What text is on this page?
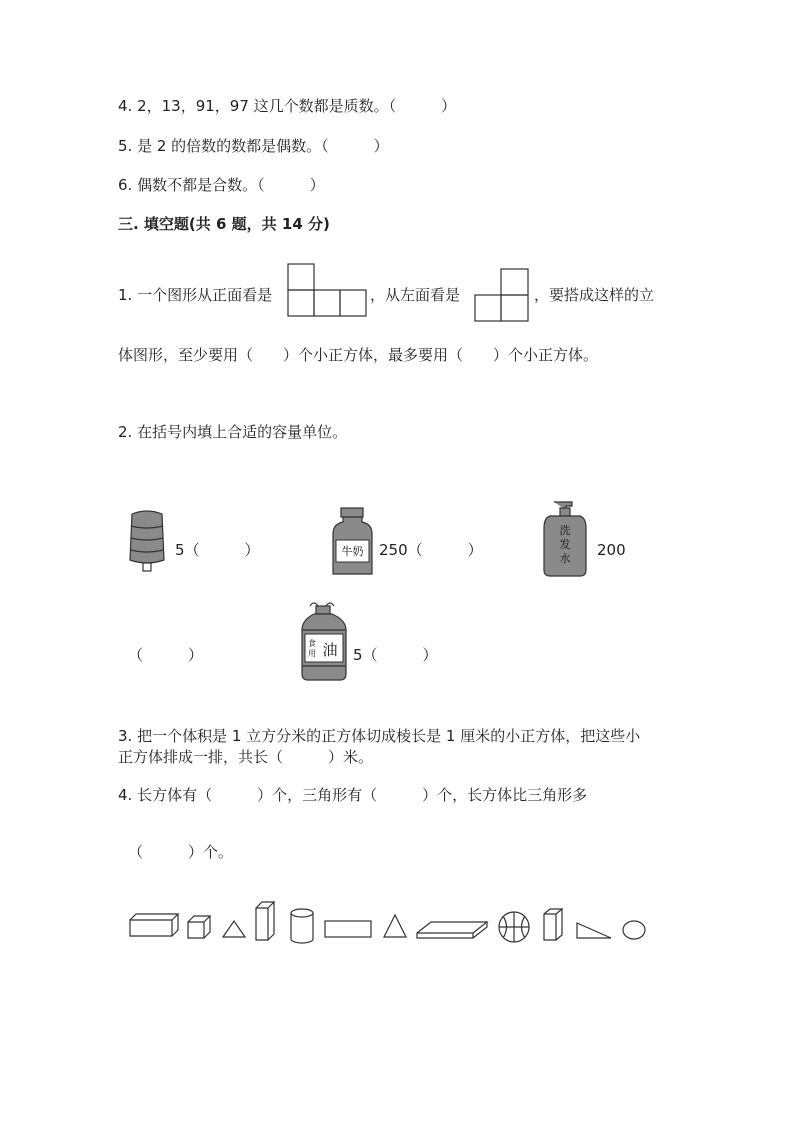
4. 2，13，91，97 这几个数都是质数。（　　　）
5. 是 2 的倍数的数都是偶数。（　　　）
6. 偶数不都是合数。（　　　）
三. 填空题(共 6 题，共 14 分)
1. 一个图形从正面看是	，从左面看是	，要搭成这样的立
体图形，至少要用（　　）个小正方体，最多要用（　　）个小正方体。
2. 在括号内填上合适的容量单位。
5（　　　）	牛奶 250（　　　）
洗
发
水 200
（　　　）
食
用 油 5（　　　）
3. 把一个体积是 1 立方分米的正方体切成棱长是 1 厘米的小正方体，把这些小
正方体排成一排，共长（　　　）米。
4. 长方体有（　　　）个，三角形有（　　　）个，长方体比三角形多
（　　　）个。
